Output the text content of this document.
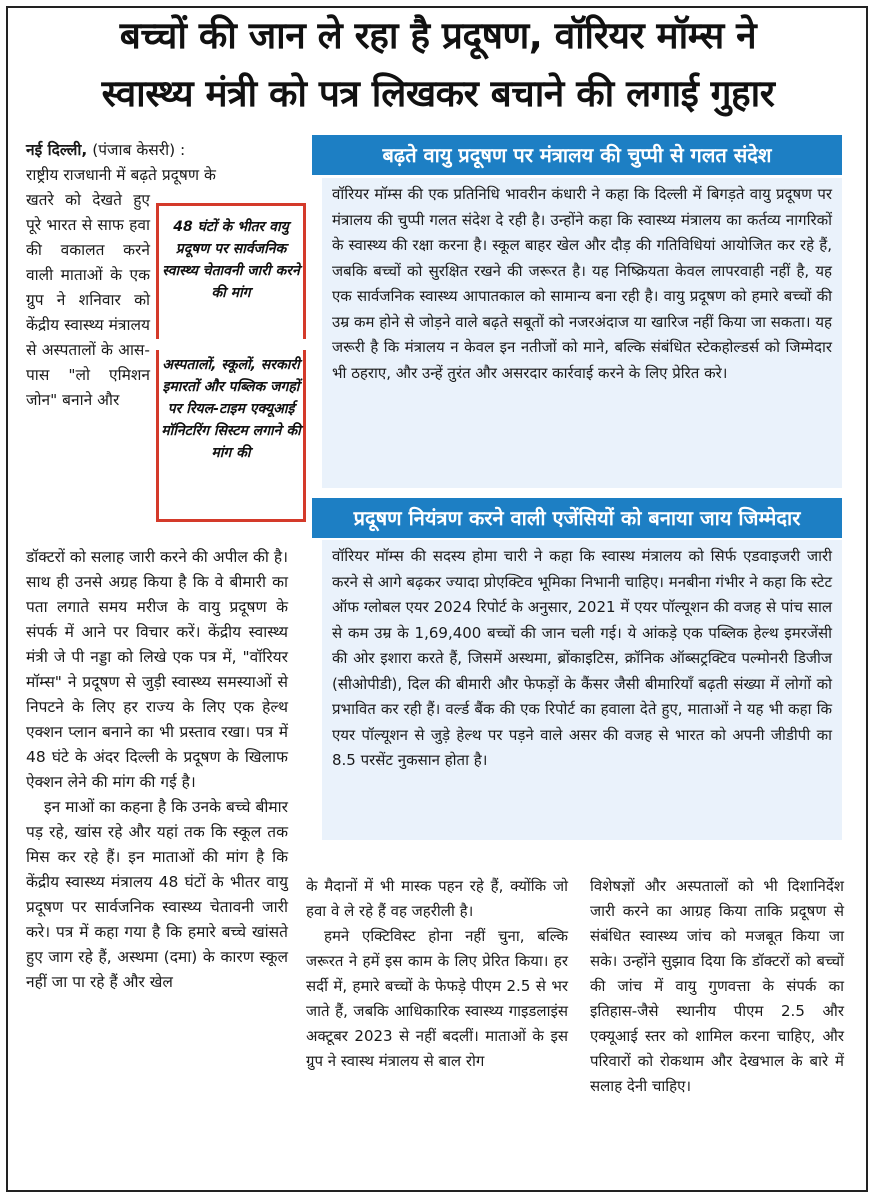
बच्चों की जान ले रहा है प्रदूषण, वॉरियर मॉम्स ने
स्वास्थ्य मंत्री को पत्र लिखकर बचाने की लगाई गुहार

नई दिल्ली, (पंजाब केसरी) :

राष्ट्रीय राजधानी में बढ़ते प्रदूषण के

खतरे को देखते हुए पूरे भारत से साफ हवा की वकालत करने वाली माताओं के एक ग्रुप ने शनिवार को केंद्रीय स्वास्थ्य मंत्रालय से अस्पतालों के आस-पास "लो एमिशन जोन" बनाने और
48 घंटों के भीतर वायु प्रदूषण पर सार्वजनिक स्वास्थ्य चेतावनी जारी करने की मांग
अस्पतालों, स्कूलों, सरकारी इमारतों और पब्लिक जगहों पर रियल-टाइम एक्यूआई मॉनिटरिंग सिस्टम लगाने की मांग की

डॉक्टरों को सलाह जारी करने की अपील की है। साथ ही उनसे अग्रह किया है कि वे बीमारी का पता लगाते समय मरीज के वायु प्रदूषण के संपर्क में आने पर विचार करें। केंद्रीय स्वास्थ्य मंत्री जे पी नड्डा को लिखे एक पत्र में, "वॉरियर मॉम्स" ने प्रदूषण से जुड़ी स्वास्थ्य समस्याओं से निपटने के लिए हर राज्य के लिए एक हेल्थ एक्शन प्लान बनाने का भी प्रस्ताव रखा। पत्र में 48 घंटे के अंदर दिल्ली के प्रदूषण के खिलाफ ऐक्शन लेने की मांग की गई है।

इन माओं का कहना है कि उनके बच्चे बीमार पड़ रहे, खांस रहे और यहां तक कि स्कूल तक मिस कर रहे हैं। इन माताओं की मांग है कि केंद्रीय स्वास्थ्य मंत्रालय 48 घंटों के भीतर वायु प्रदूषण पर सार्वजनिक स्वास्थ्य चेतावनी जारी करे। पत्र में कहा गया है कि हमारे बच्चे खांसते हुए जाग रहे हैं, अस्थमा (दमा) के कारण स्कूल नहीं जा पा रहे हैं और खेल

बढ़ते वायु प्रदूषण पर मंत्रालय की चुप्पी से गलत संदेश

वॉरियर मॉम्स की एक प्रतिनिधि भावरीन कंधारी ने कहा कि दिल्ली में बिगड़ते वायु प्रदूषण पर मंत्रालय की चुप्पी गलत संदेश दे रही है। उन्होंने कहा कि स्वास्थ्य मंत्रालय का कर्तव्य नागरिकों के स्वास्थ्य की रक्षा करना है। स्कूल बाहर खेल और दौड़ की गतिविधियां आयोजित कर रहे हैं, जबकि बच्चों को सुरक्षित रखने की जरूरत है। यह निष्क्रियता केवल लापरवाही नहीं है, यह एक सार्वजनिक स्वास्थ्य आपातकाल को सामान्य बना रही है। वायु प्रदूषण को हमारे बच्चों की उम्र कम होने से जोड़ने वाले बढ़ते सबूतों को नजरअंदाज या खारिज नहीं किया जा सकता। यह जरूरी है कि मंत्रालय न केवल इन नतीजों को माने, बल्कि संबंधित स्टेकहोल्डर्स को जिम्मेदार भी ठहराए, और उन्हें तुरंत और असरदार कार्रवाई करने के लिए प्रेरित करे।

प्रदूषण नियंत्रण करने वाली एजेंसियों को बनाया जाय जिम्मेदार

वॉरियर मॉम्स की सदस्य होमा चारी ने कहा कि स्वास्थ मंत्रालय को सिर्फ एडवाइजरी जारी करने से आगे बढ़कर ज्यादा प्रोएक्टिव भूमिका निभानी चाहिए। मनबीना गंभीर ने कहा कि स्टेट ऑफ ग्लोबल एयर 2024 रिपोर्ट के अनुसार, 2021 में एयर पॉल्यूशन की वजह से पांच साल से कम उम्र के 1,69,400 बच्चों की जान चली गई। ये आंकड़े एक पब्लिक हेल्थ इमरजेंसी की ओर इशारा करते हैं, जिसमें अस्थमा, ब्रोंकाइटिस, क्रॉनिक ऑब्सट्रक्टिव पल्मोनरी डिजीज (सीओपीडी), दिल की बीमारी और फेफड़ों के कैंसर जैसी बीमारियाँ बढ़ती संख्या में लोगों को प्रभावित कर रही हैं। वर्ल्ड बैंक की एक रिपोर्ट का हवाला देते हुए, माताओं ने यह भी कहा कि एयर पॉल्यूशन से जुड़े हेल्थ पर पड़ने वाले असर की वजह से भारत को अपनी जीडीपी का 8.5 परसेंट नुकसान होता है।

के मैदानों में भी मास्क पहन रहे हैं, क्योंकि जो हवा वे ले रहे हैं वह जहरीली है।

हमने एक्टिविस्ट होना नहीं चुना, बल्कि जरूरत ने हमें इस काम के लिए प्रेरित किया। हर सर्दी में, हमारे बच्चों के फेफड़े पीएम 2.5 से भर जाते हैं, जबकि आधिकारिक स्वास्थ्य गाइडलाइंस अक्टूबर 2023 से नहीं बदलीं। माताओं के इस ग्रुप ने स्वास्थ मंत्रालय से बाल रोग

विशेषज्ञों और अस्पतालों को भी दिशानिर्देश जारी करने का आग्रह किया ताकि प्रदूषण से संबंधित स्वास्थ्य जांच को मजबूत किया जा सके। उन्होंने सुझाव दिया कि डॉक्टरों को बच्चों की जांच में वायु गुणवत्ता के संपर्क का इतिहास-जैसे स्थानीय पीएम 2.5 और एक्यूआई स्तर को शामिल करना चाहिए, और परिवारों को रोकथाम और देखभाल के बारे में सलाह देनी चाहिए।
